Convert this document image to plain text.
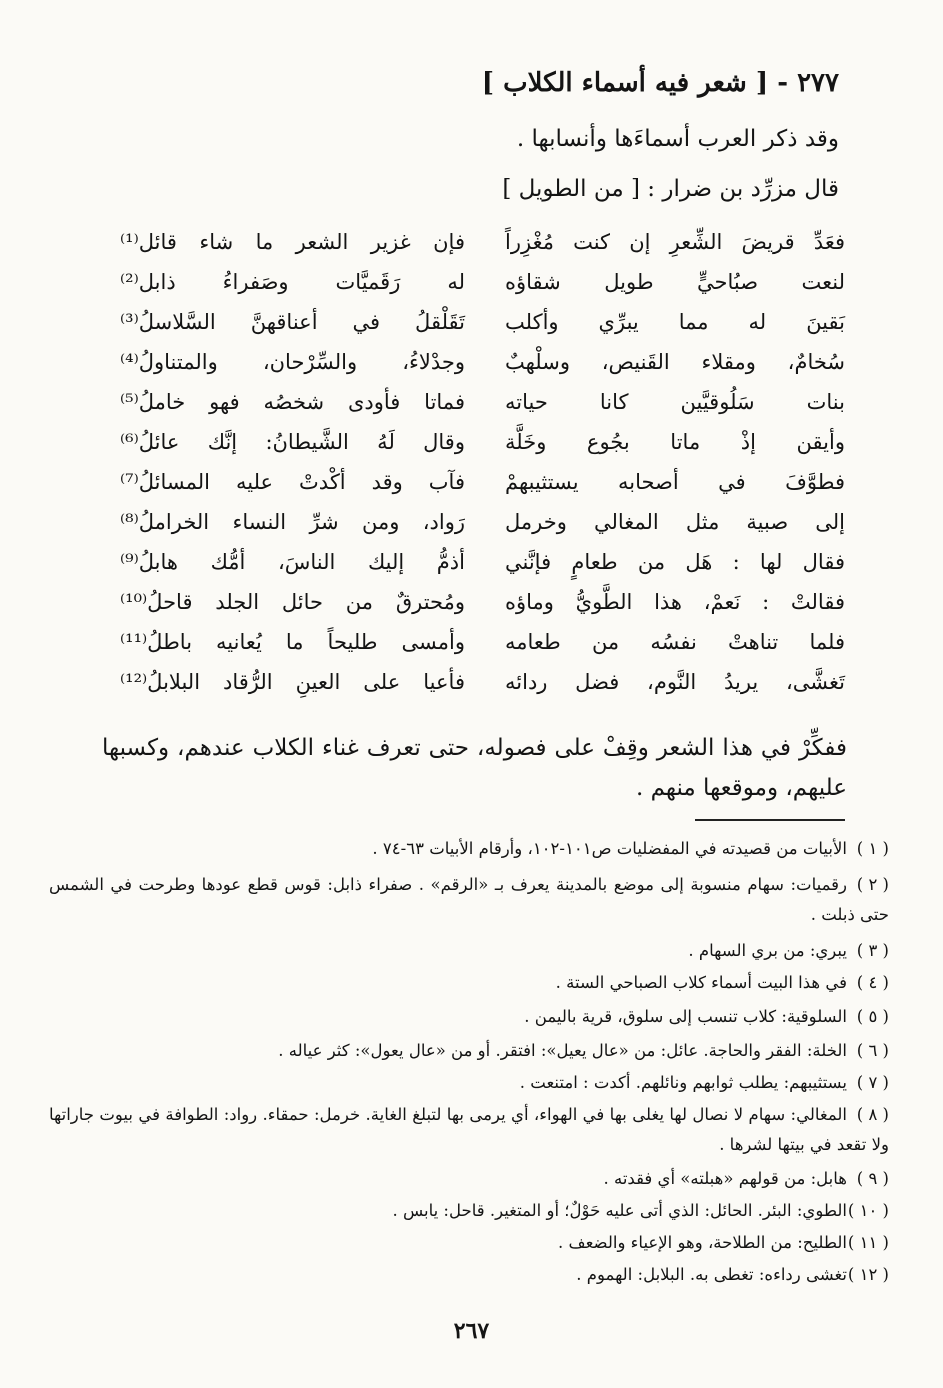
٢٧٧ - [ شعر فيه أسماء الكلاب ]
وقد ذكر العرب أسماءَها وأنسابها .
قال مزرِّد بن ضرار : [ من الطويل ]
فعَدِّ قريضَ الشِّعرِ إن كنت مُغْزِراً
فإن غزير الشعر ما شاء قائل⁽¹⁾
لنعت صبُاحيٍّ طويل شقاؤه
له رَقَميَّات وصَفراءُ ذابل⁽²⁾
بَقينَ له مما يبرِّي وأكلب
تَقَلْقلُ في أعناقهنَّ السَّلاسلُ⁽³⁾
سُخامٌ، ومقلاء القَنيص، وسلْهبٌ
وجدْلاءُ، والسِّرْحان، والمتناولُ⁽⁴⁾
بنات سَلُوقيَّين كانا حياته
فماتا فأودى شخصُه فهو خاملُ⁽⁵⁾
وأيقن إذْ ماتا بجُوع وخَلَّة
وقال لَهُ الشَّيطانُ: إنَّك عائلُ⁽⁶⁾
فطوَّفَ في أصحابه يستثيبهمْ
فآب وقد أكْدتْ عليه المسائلُ⁽⁷⁾
إلى صبية مثل المغالي وخرمل
رَواد، ومن شرِّ النساء الخراملُ⁽⁸⁾
فقال لها : هَل من طعامٍ فإنَّني
أذمُّ إليك الناسَ، أمُّك هابلُ⁽⁹⁾
فقالتْ : نَعمْ، هذا الطَّويُّ وماؤه
ومُحترقٌ من حائل الجلد قاحلُ⁽¹⁰⁾
فلما تناهتْ نفسُه من طعامه
وأمسى طليحاً ما يُعانيه باطلُ⁽¹¹⁾
تَغشَّى، يريدُ النَّوم، فضل ردائه
فأعيا على العينِ الرُّقاد البلابلُ⁽¹²⁾
ففكِّرْ في هذا الشعر وقِفْ على فصوله، حتى تعرف غناء الكلاب عندهم، وكسبها عليهم، وموقعها منهم .
( ١ )الأبيات من قصيدته في المفضليات ص١٠١-١٠٢، وأرقام الأبيات ٦٣-٧٤ .
( ٢ )رقميات: سهام منسوبة إلى موضع بالمدينة يعرف بـ «الرقم» . صفراء ذابل: قوس قطع عودها وطرحت في الشمس حتى ذبلت .
( ٣ )يبري: من بري السهام .
( ٤ )في هذا البيت أسماء كلاب الصباحي الستة .
( ٥ )السلوقية: كلاب تنسب إلى سلوق، قرية باليمن .
( ٦ )الخلة: الفقر والحاجة. عائل: من «عال يعيل»: افتقر. أو من «عال يعول»: كثر عياله .
( ٧ )يستثيبهم: يطلب ثوابهم ونائلهم. أكدت : امتنعت .
( ٨ )المغالي: سهام لا نصال لها يغلى بها في الهواء، أي يرمى بها لتبلغ الغاية. خرمل: حمقاء. رواد: الطوافة في بيوت جاراتها ولا تقعد في بيتها لشرها .
( ٩ )هابل: من قولهم «هبلته» أي فقدته .
( ١٠ )الطوي: البئر. الحائل: الذي أتى عليه حَوْلٌ؛ أو المتغير. قاحل: يابس .
( ١١ )الطليح: من الطلاحة، وهو الإعياء والضعف .
( ١٢ )تغشى رداءه: تغطى به. البلابل: الهموم .
٢٦٧
